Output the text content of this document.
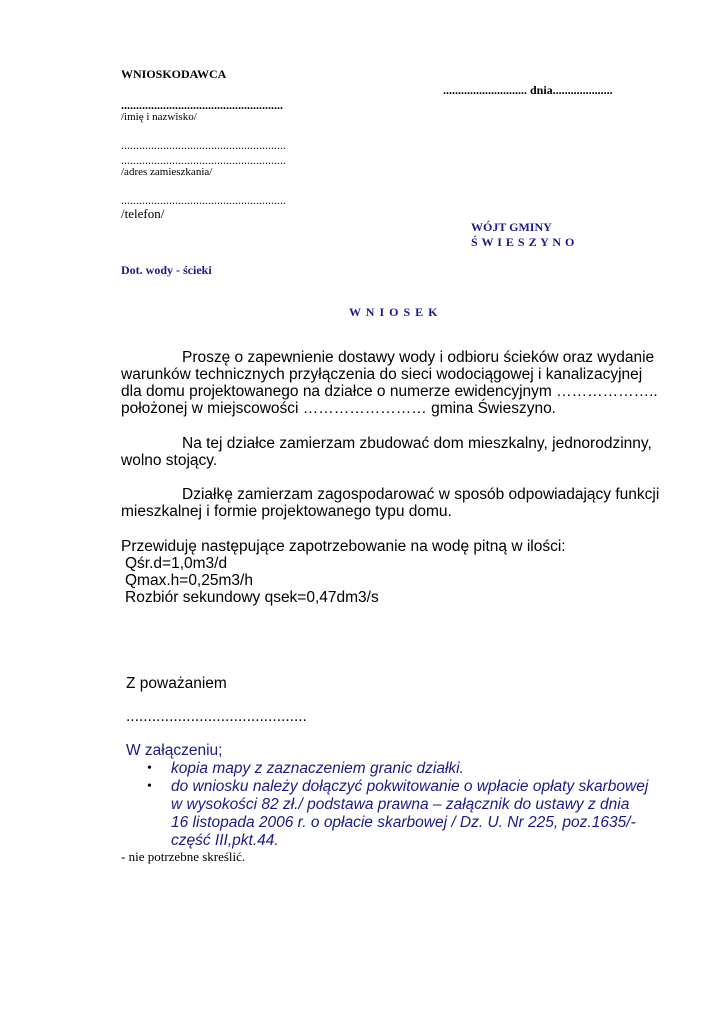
WNIOSKODAWCA
............................ dnia....................
......................................................
/imię i nazwisko/
.......................................................
.......................................................
/adres zamieszkania/
.......................................................
/telefon/
WÓJT GMINY
Ś W I E S Z Y N O
Dot. wody - ścieki
W N I O S E K
Proszę o zapewnienie dostawy wody i odbioru ścieków oraz wydanie
warunków technicznych przyłączenia do sieci wodociągowej i kanalizacyjnej
dla domu projektowanego na działce o numerze ewidencyjnym ………………..
położonej w miejscowości …………………… gmina Świeszyno.
Na tej działce zamierzam zbudować dom mieszkalny, jednorodzinny,
wolno stojący.
Działkę zamierzam zagospodarować w sposób odpowiadający funkcji
mieszkalnej i formie projektowanego typu domu.
Przewiduję następujące zapotrzebowanie na wodę pitną w ilości:
Qśr.d=1,0m3/d
Qmax.h=0,25m3/h
Rozbiór sekundowy qsek=0,47dm3/s
Z poważaniem
..........................................
W załączeniu;
• kopia mapy z zaznaczeniem granic działki.
• do wniosku należy dołączyć pokwitowanie o wpłacie opłaty skarbowej
w wysokości 82 zł./ podstawa prawna – załącznik do ustawy z dnia
16 listopada 2006 r. o opłacie skarbowej / Dz. U. Nr 225, poz.1635/-
część III,pkt.44.
- nie potrzebne skreślić.
